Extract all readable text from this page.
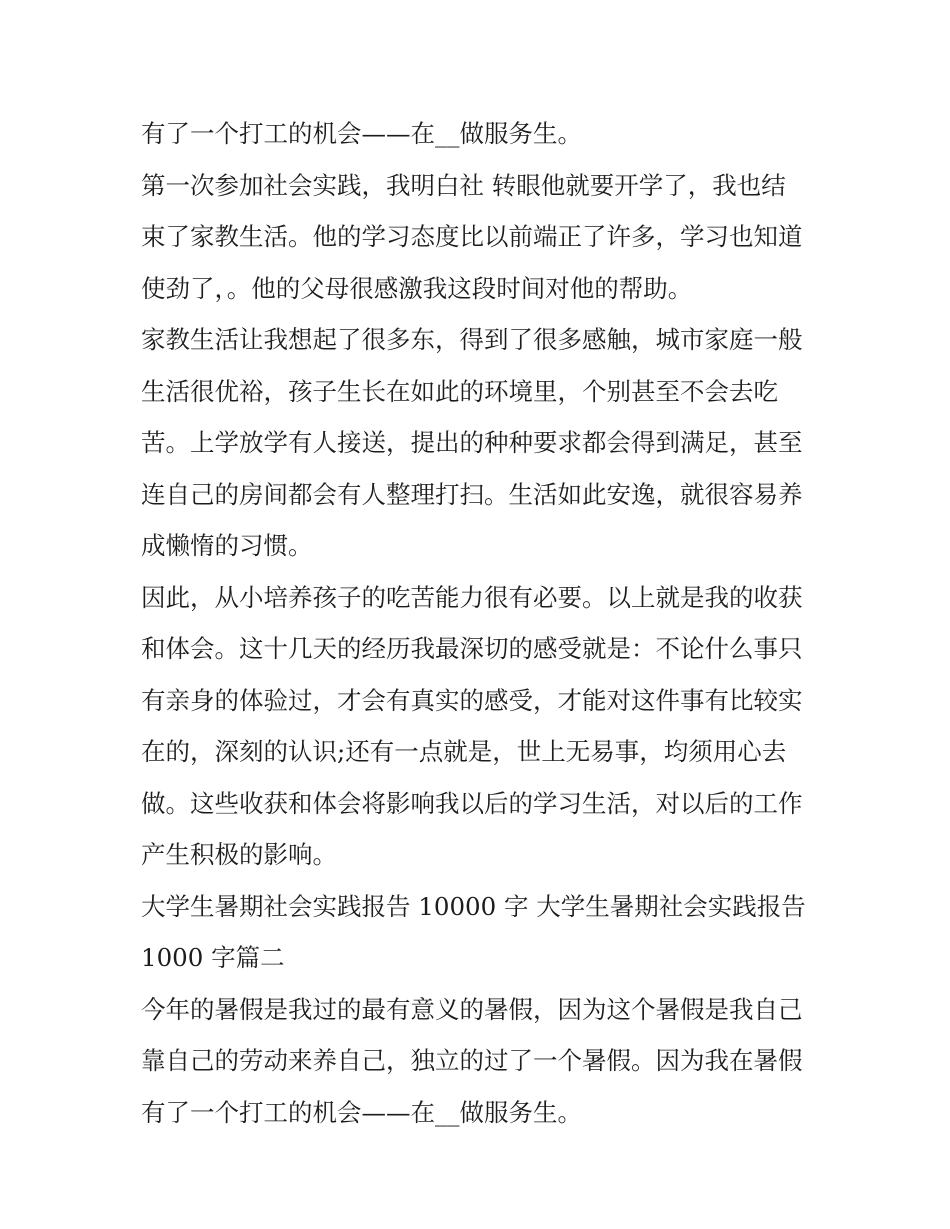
有了一个打工的机会——在__做服务生。
第一次参加社会实践，我明白社 转眼他就要开学了，我也结
束了家教生活。他的学习态度比以前端正了许多，学习也知道
使劲了，。他的父母很感激我这段时间对他的帮助。
家教生活让我想起了很多东，得到了很多感触，城市家庭一般
生活很优裕，孩子生长在如此的环境里，个别甚至不会去吃
苦。上学放学有人接送，提出的种种要求都会得到满足，甚至
连自己的房间都会有人整理打扫。生活如此安逸，就很容易养
成懒惰的习惯。
因此，从小培养孩子的吃苦能力很有必要。以上就是我的收获
和体会。这十几天的经历我最深切的感受就是：不论什么事只
有亲身的体验过，才会有真实的感受，才能对这件事有比较实
在的，深刻的认识;还有一点就是，世上无易事，均须用心去
做。这些收获和体会将影响我以后的学习生活，对以后的工作
产生积极的影响。
大学生暑期社会实践报告 10000 字 大学生暑期社会实践报告
1000 字篇二
今年的暑假是我过的最有意义的暑假，因为这个暑假是我自己
靠自己的劳动来养自己，独立的过了一个暑假。因为我在暑假
有了一个打工的机会——在__做服务生。
